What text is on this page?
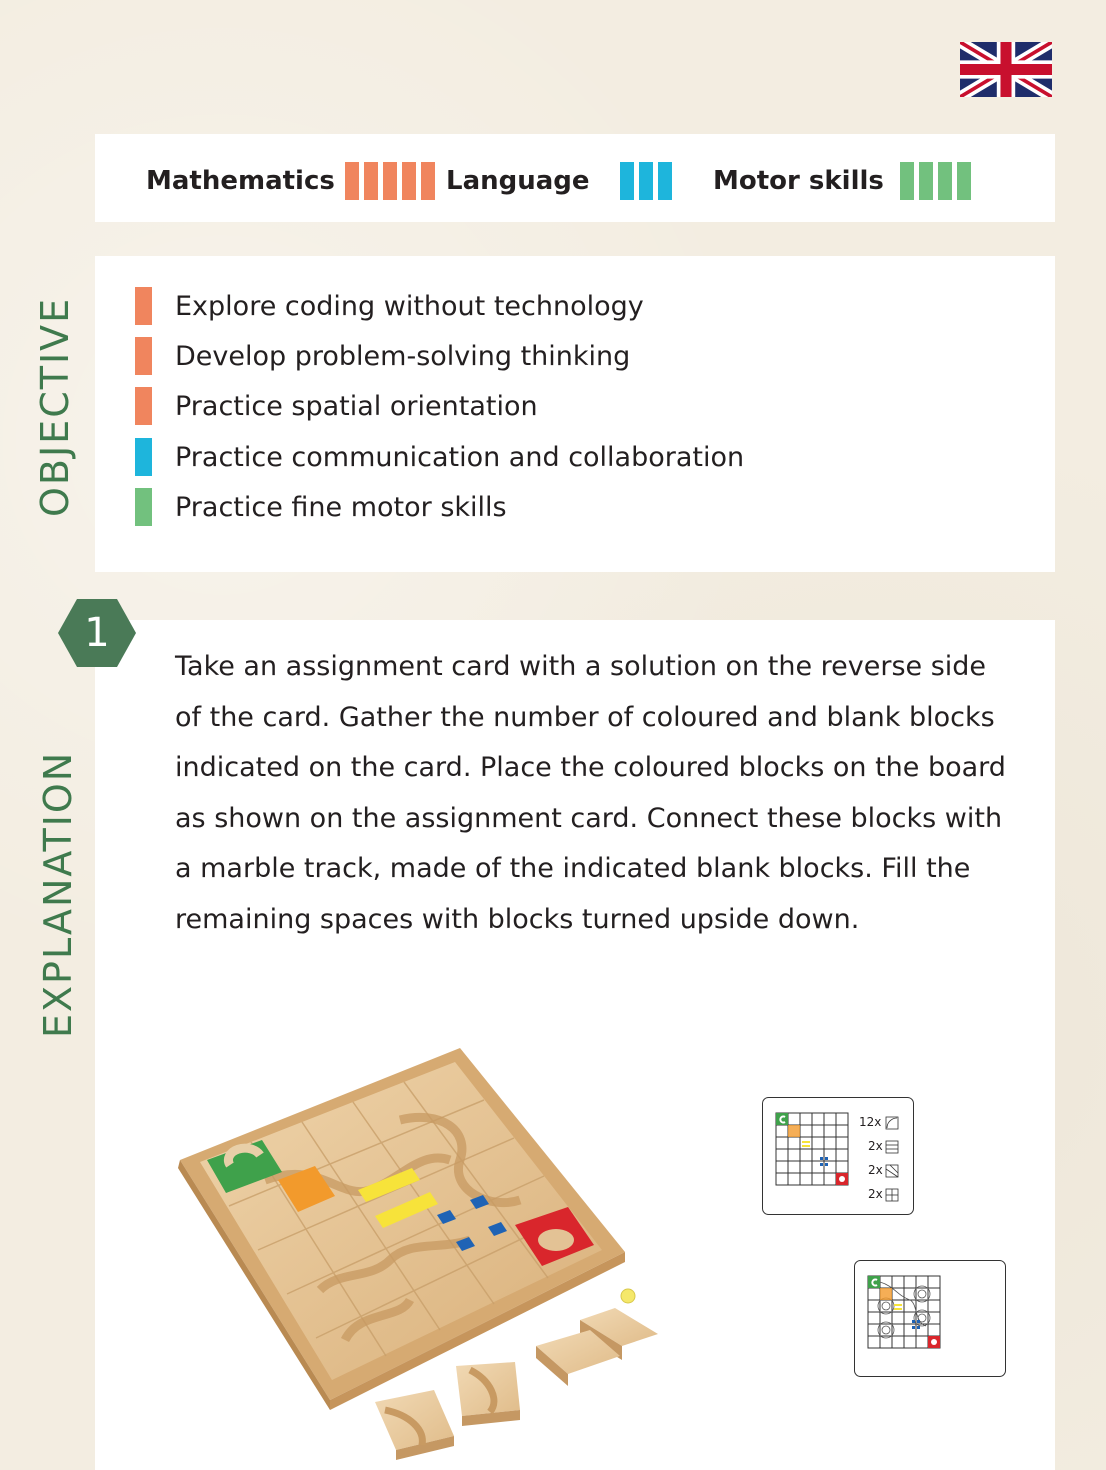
Mathematics	Language	Motor skills
OBJECTIVE	Explore coding without technology
Develop problem-solving thinking
Practice spatial orientation
Practice communication and collaboration
Practice fine motor skills
EXPLANATION
1
Take an assignment card with a solution on the reverse side
of the card. Gather the number of coloured and blank blocks
indicated on the card. Place the coloured blocks on the board
as shown on the assignment card. Connect these blocks with
a marble track, made of the indicated blank blocks. Fill the
remaining spaces with blocks turned upside down.
12x
2x
2x
2x
